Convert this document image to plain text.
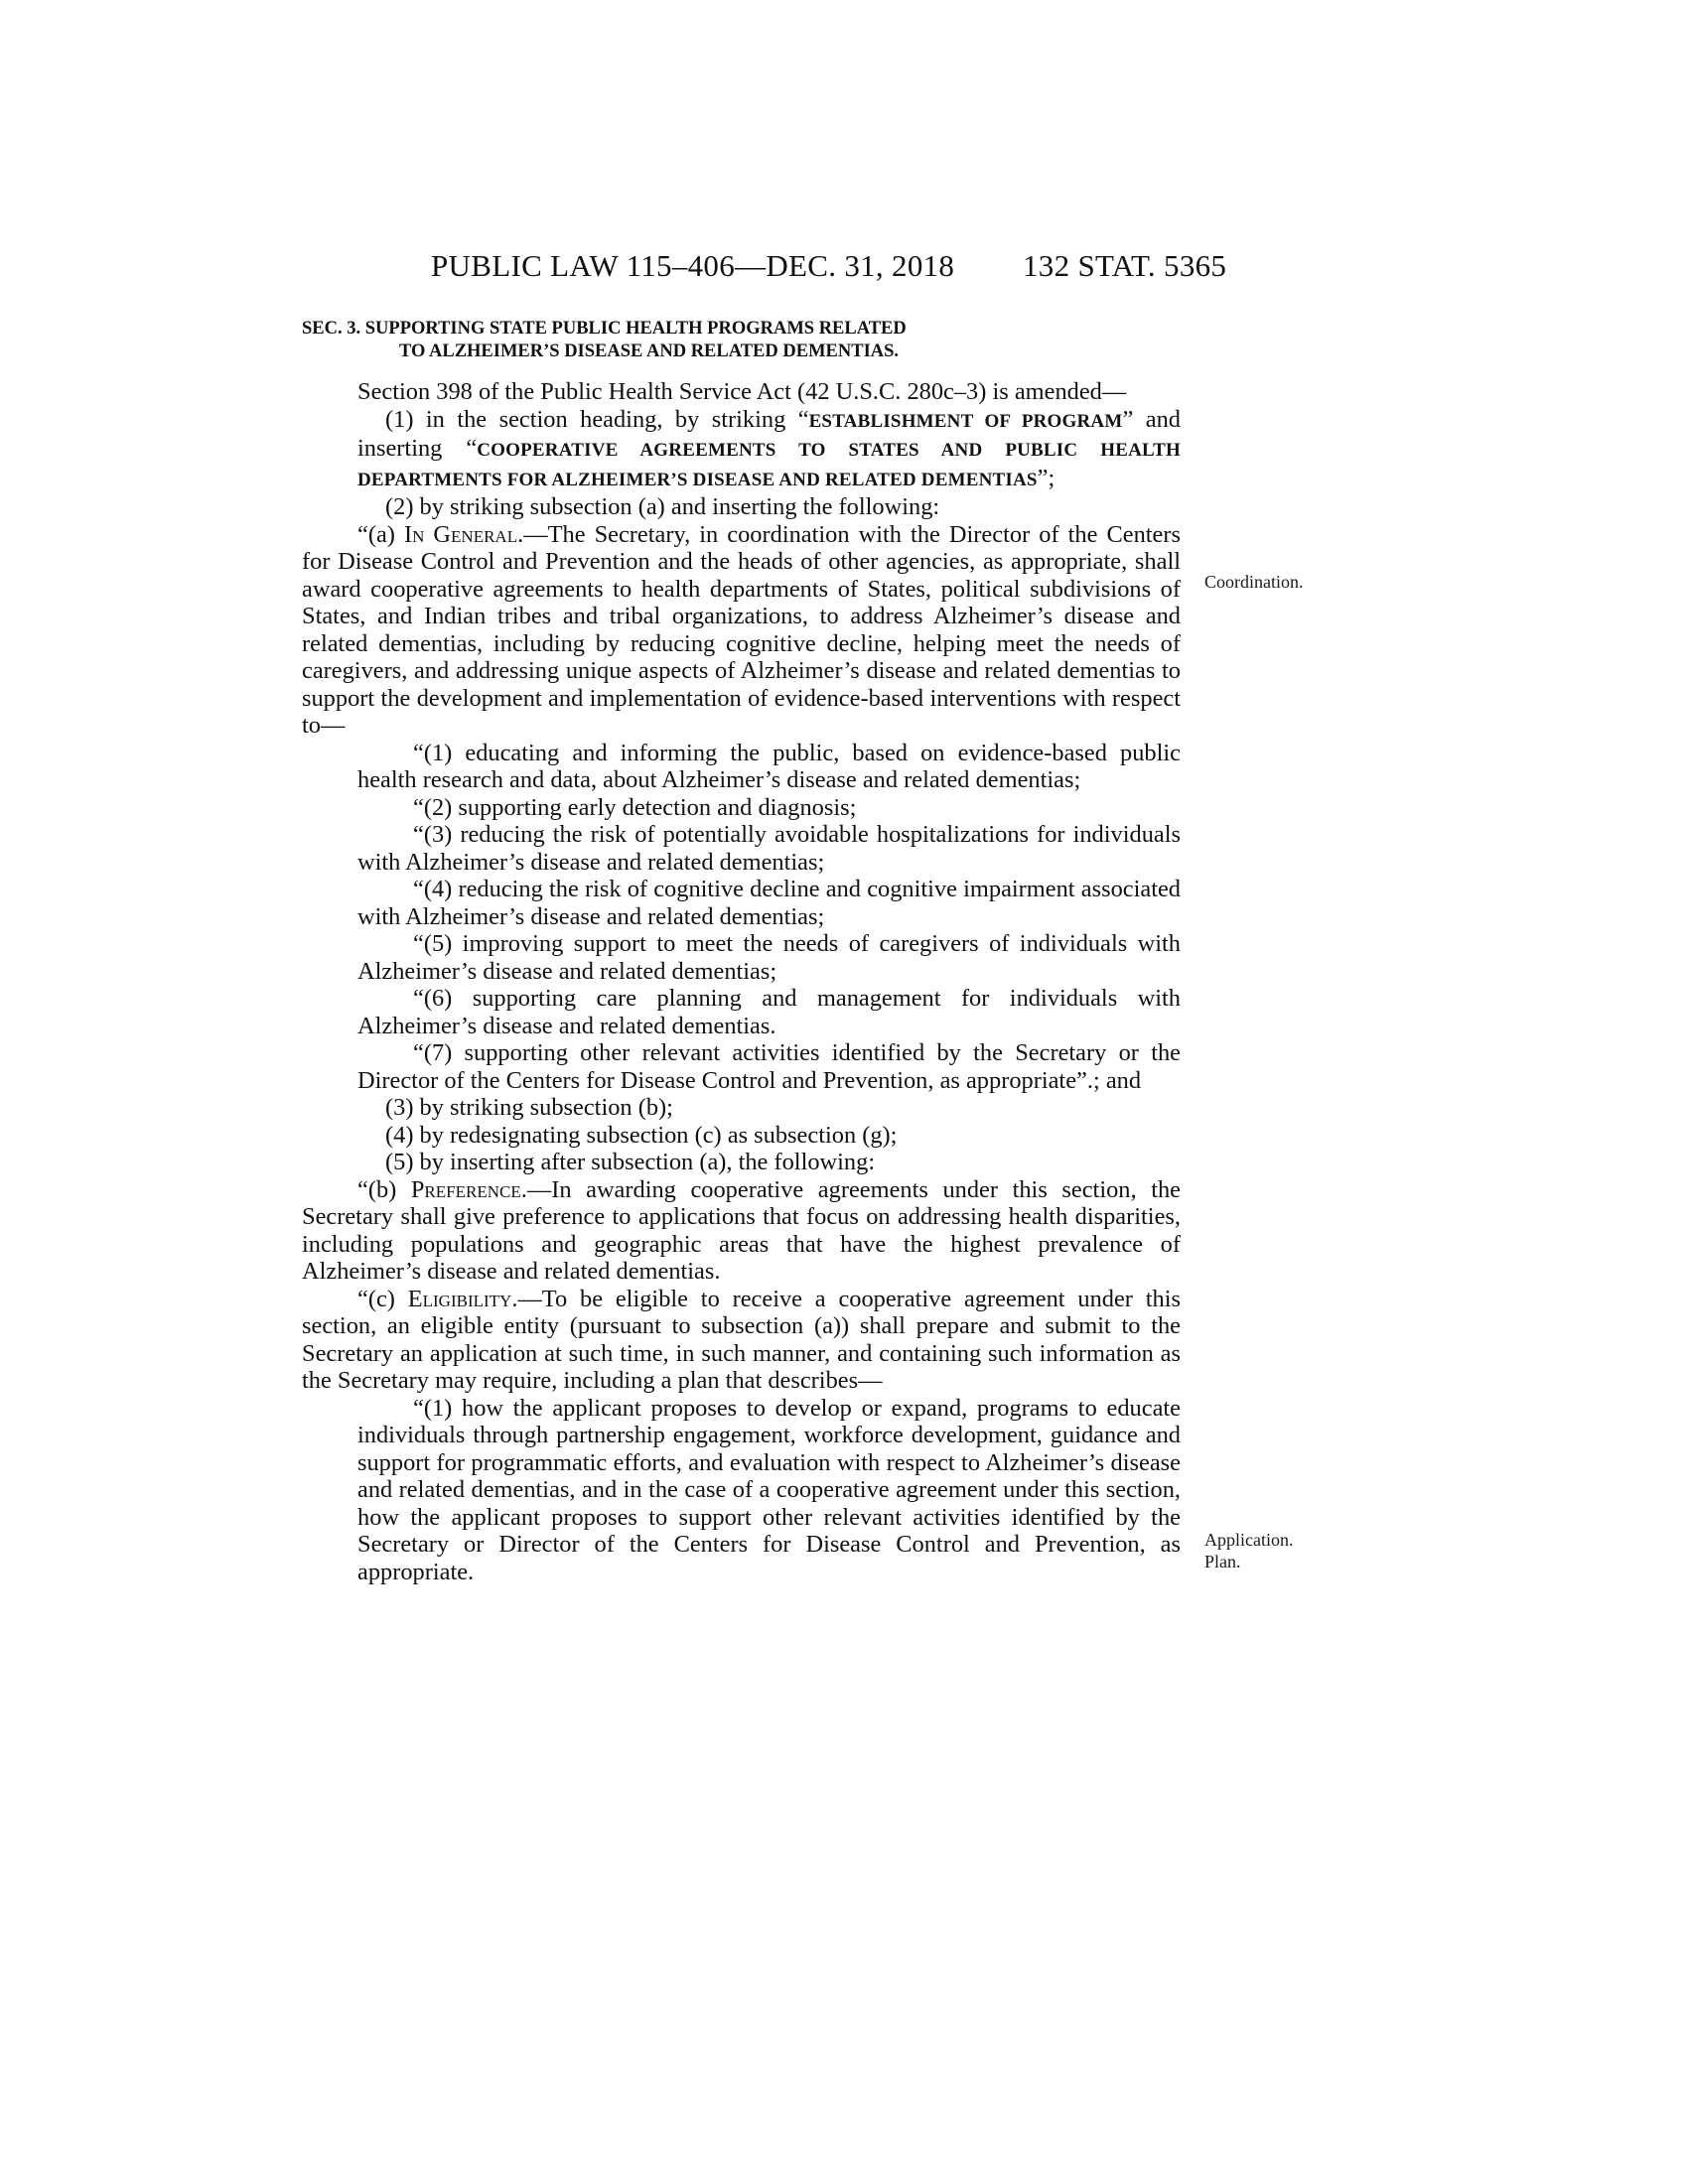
PUBLIC LAW 115–406—DEC. 31, 2018 132 STAT. 5365
SEC. 3. SUPPORTING STATE PUBLIC HEALTH PROGRAMS RELATED
TO ALZHEIMER’S DISEASE AND RELATED DEMENTIAS.

Section 398 of the Public Health Service Act (42 U.S.C. 280c–3) is amended—

(1) in the section heading, by striking “ESTABLISHMENT OF PROGRAM” and inserting “COOPERATIVE AGREEMENTS TO STATES AND PUBLIC HEALTH DEPARTMENTS FOR ALZHEIMER’S DISEASE AND RELATED DEMENTIAS”;

(2) by striking subsection (a) and inserting the following:

“(a) In General.—The Secretary, in coordination with the Director of the Centers for Disease Control and Prevention and the heads of other agencies, as appropriate, shall award cooperative agreements to health departments of States, political subdivisions of States, and Indian tribes and tribal organizations, to address Alzheimer’s disease and related dementias, including by reducing cognitive decline, helping meet the needs of caregivers, and addressing unique aspects of Alzheimer’s disease and related dementias to support the development and implementation of evidence-based interventions with respect to—

“(1) educating and informing the public, based on evidence-based public health research and data, about Alzheimer’s disease and related dementias;

“(2) supporting early detection and diagnosis;

“(3) reducing the risk of potentially avoidable hospitalizations for individuals with Alzheimer’s disease and related dementias;

“(4) reducing the risk of cognitive decline and cognitive impairment associated with Alzheimer’s disease and related dementias;

“(5) improving support to meet the needs of caregivers of individuals with Alzheimer’s disease and related dementias;

“(6) supporting care planning and management for individuals with Alzheimer’s disease and related dementias.

“(7) supporting other relevant activities identified by the Secretary or the Director of the Centers for Disease Control and Prevention, as appropriate”.; and

(3) by striking subsection (b);

(4) by redesignating subsection (c) as subsection (g);

(5) by inserting after subsection (a), the following:

“(b) Preference.—In awarding cooperative agreements under this section, the Secretary shall give preference to applications that focus on addressing health disparities, including populations and geographic areas that have the highest prevalence of Alzheimer’s disease and related dementias.

“(c) Eligibility.—To be eligible to receive a cooperative agreement under this section, an eligible entity (pursuant to subsection (a)) shall prepare and submit to the Secretary an application at such time, in such manner, and containing such information as the Secretary may require, including a plan that describes—

“(1) how the applicant proposes to develop or expand, programs to educate individuals through partnership engagement, workforce development, guidance and support for programmatic efforts, and evaluation with respect to Alzheimer’s disease and related dementias, and in the case of a cooperative agreement under this section, how the applicant proposes to support other relevant activities identified by the Secretary or Director of the Centers for Disease Control and Prevention, as appropriate.

Coordination.
Application.
Plan.
